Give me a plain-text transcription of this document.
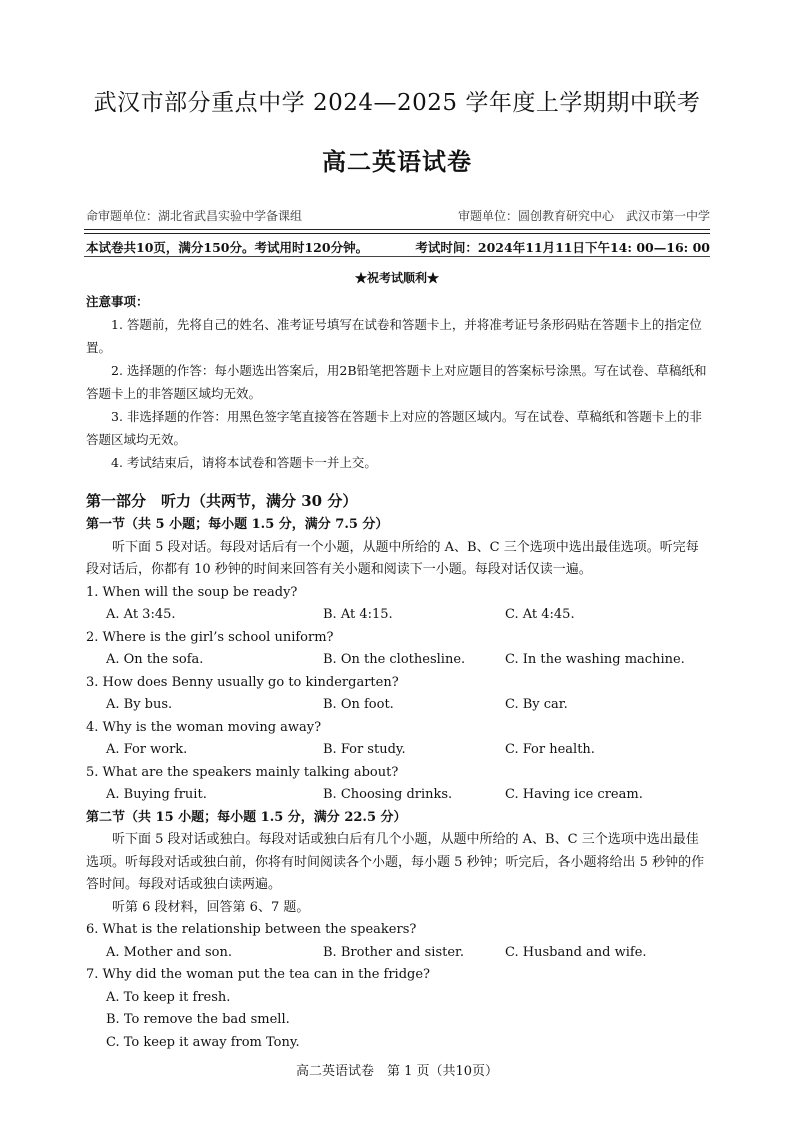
武汉市部分重点中学 2024—2025 学年度上学期期中联考
高二英语试卷
命审题单位：湖北省武昌实验中学备课组	审题单位：圆创教育研究中心　武汉市第一中学
本试卷共10页，满分150分。考试用时120分钟。	考试时间：2024年11月11日下午14: 00—16: 00
★祝考试顺利★
注意事项：

1. 答题前，先将自己的姓名、准考证号填写在试卷和答题卡上，并将准考证号条形码贴在答题卡上的指定位置。

2. 选择题的作答：每小题选出答案后，用2B铅笔把答题卡上对应题目的答案标号涂黑。写在试卷、草稿纸和答题卡上的非答题区域均无效。

3. 非选择题的作答：用黑色签字笔直接答在答题卡上对应的答题区域内。写在试卷、草稿纸和答题卡上的非答题区域均无效。

4. 考试结束后，请将本试卷和答题卡一并上交。

第一部分　听力（共两节，满分 30 分）

第一节（共 5 小题；每小题 1.5 分，满分 7.5 分）

听下面 5 段对话。每段对话后有一个小题，从题中所给的 A、B、C 三个选项中选出最佳选项。听完每段对话后，你都有 10 秒钟的时间来回答有关小题和阅读下一小题。每段对话仅读一遍。

1. When will the soup be ready?

A. At 3:45.	B. At 4:15.	C. At 4:45.

2. Where is the girl’s school uniform?

A. On the sofa.	B. On the clothesline.	C. In the washing machine.

3. How does Benny usually go to kindergarten?

A. By bus.	B. On foot.	C. By car.

4. Why is the woman moving away?

A. For work.	B. For study.	C. For health.

5. What are the speakers mainly talking about?

A. Buying fruit.	B. Choosing drinks.	C. Having ice cream.

第二节（共 15 小题；每小题 1.5 分，满分 22.5 分）

听下面 5 段对话或独白。每段对话或独白后有几个小题，从题中所给的 A、B、C 三个选项中选出最佳选项。听每段对话或独白前，你将有时间阅读各个小题，每小题 5 秒钟；听完后，各小题将给出 5 秒钟的作答时间。每段对话或独白读两遍。

听第 6 段材料，回答第 6、7 题。

6. What is the relationship between the speakers?

A. Mother and son.	B. Brother and sister.	C. Husband and wife.

7. Why did the woman put the tea can in the fridge?

A. To keep it fresh.

B. To remove the bad smell.

C. To keep it away from Tony.

高二英语试卷　第 1 页（共10页）
